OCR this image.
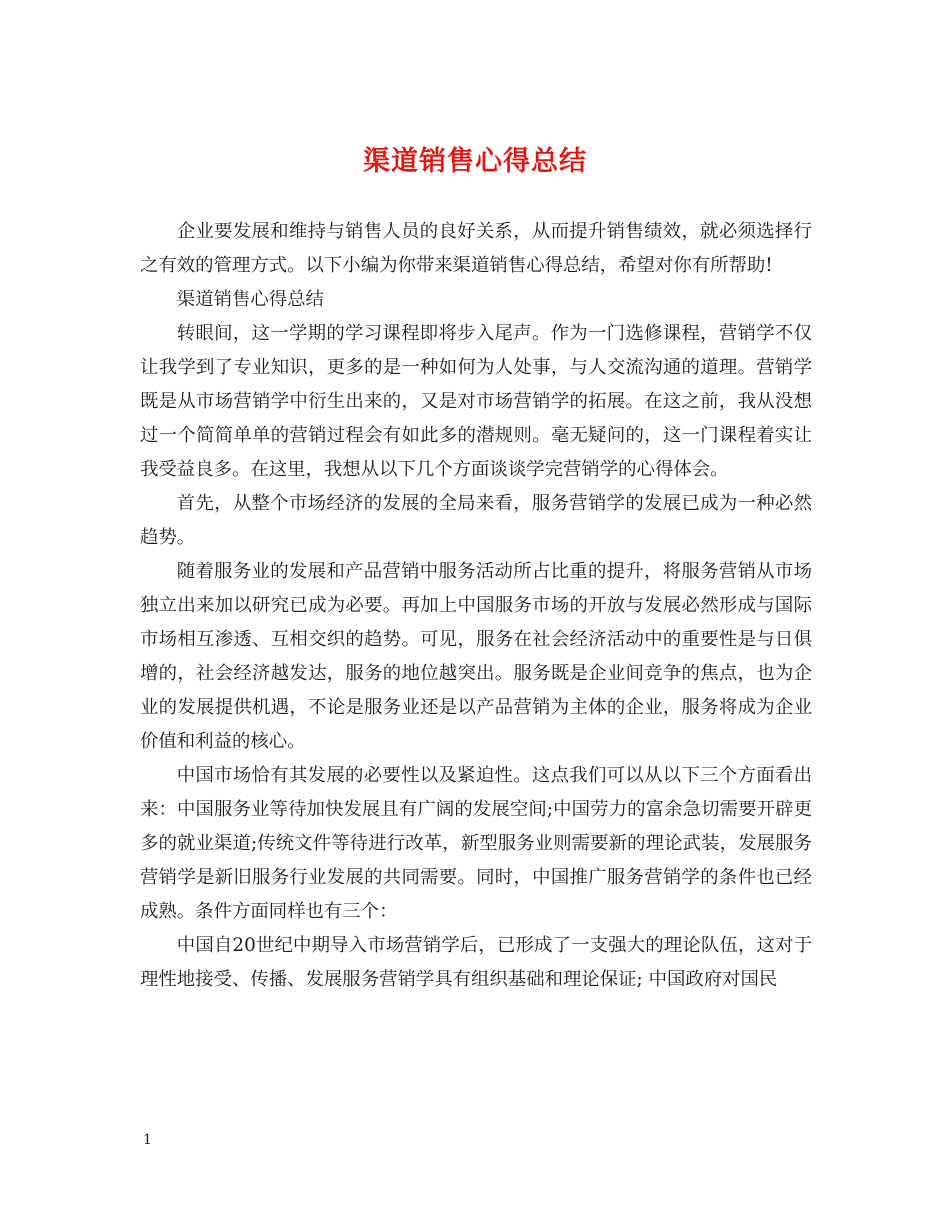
渠道销售心得总结

企业要发展和维持与销售人员的良好关系，从而提升销售绩效，就必须选择行之有效的管理方式。以下小编为你带来渠道销售心得总结，希望对你有所帮助!

渠道销售心得总结

转眼间，这一学期的学习课程即将步入尾声。作为一门选修课程，营销学不仅让我学到了专业知识，更多的是一种如何为人处事，与人交流沟通的道理。营销学既是从市场营销学中衍生出来的，又是对市场营销学的拓展。在这之前，我从没想过一个简简单单的营销过程会有如此多的潜规则。毫无疑问的，这一门课程着实让我受益良多。在这里，我想从以下几个方面谈谈学完营销学的心得体会。

首先，从整个市场经济的发展的全局来看，服务营销学的发展已成为一种必然趋势。

随着服务业的发展和产品营销中服务活动所占比重的提升，将服务营销从市场独立出来加以研究已成为必要。再加上中国服务市场的开放与发展必然形成与国际市场相互渗透、互相交织的趋势。可见，服务在社会经济活动中的重要性是与日俱增的，社会经济越发达，服务的地位越突出。服务既是企业间竞争的焦点，也为企业的发展提供机遇，不论是服务业还是以产品营销为主体的企业，服务将成为企业价值和利益的核心。

中国市场恰有其发展的必要性以及紧迫性。这点我们可以从以下三个方面看出来：中国服务业等待加快发展且有广阔的发展空间;中国劳力的富余急切需要开辟更多的就业渠道;传统文件等待进行改革，新型服务业则需要新的理论武装，发展服务营销学是新旧服务行业发展的共同需要。同时，中国推广服务营销学的条件也已经成熟。条件方面同样也有三个：

中国自20世纪中期导入市场营销学后，已形成了一支强大的理论队伍，这对于理性地接受、传播、发展服务营销学具有组织基础和理论保证; 中国政府对国民

1
